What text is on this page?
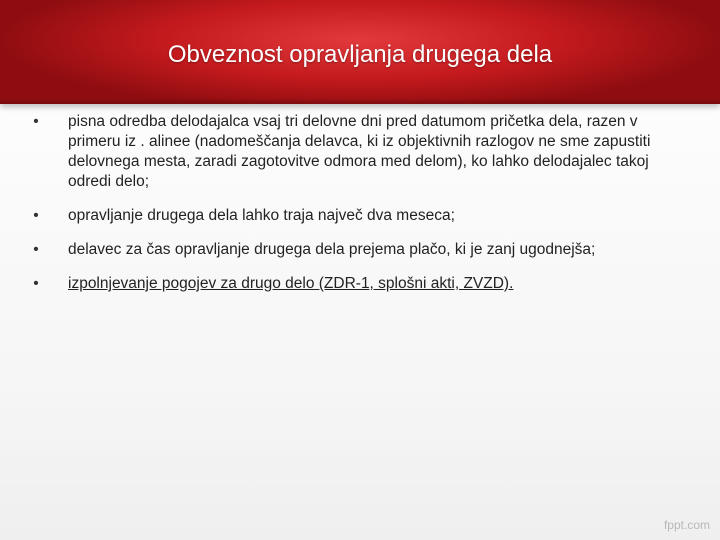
Obveznost opravljanja drugega dela
• pisna odredba delodajalca vsaj tri delovne dni pred datumom pričetka dela, razen v primeru iz . alinee (nadomeščanja delavca, ki iz objektivnih razlogov ne sme zapustiti delovnega mesta, zaradi zagotovitve odmora med delom), ko lahko delodajalec takoj odredi delo;
• opravljanje drugega dela lahko traja največ dva meseca;
• delavec za čas opravljanje drugega dela prejema plačo, ki je zanj ugodnejša;
• izpolnjevanje pogojev za drugo delo (ZDR-1, splošni akti, ZVZD).
fppt.com
